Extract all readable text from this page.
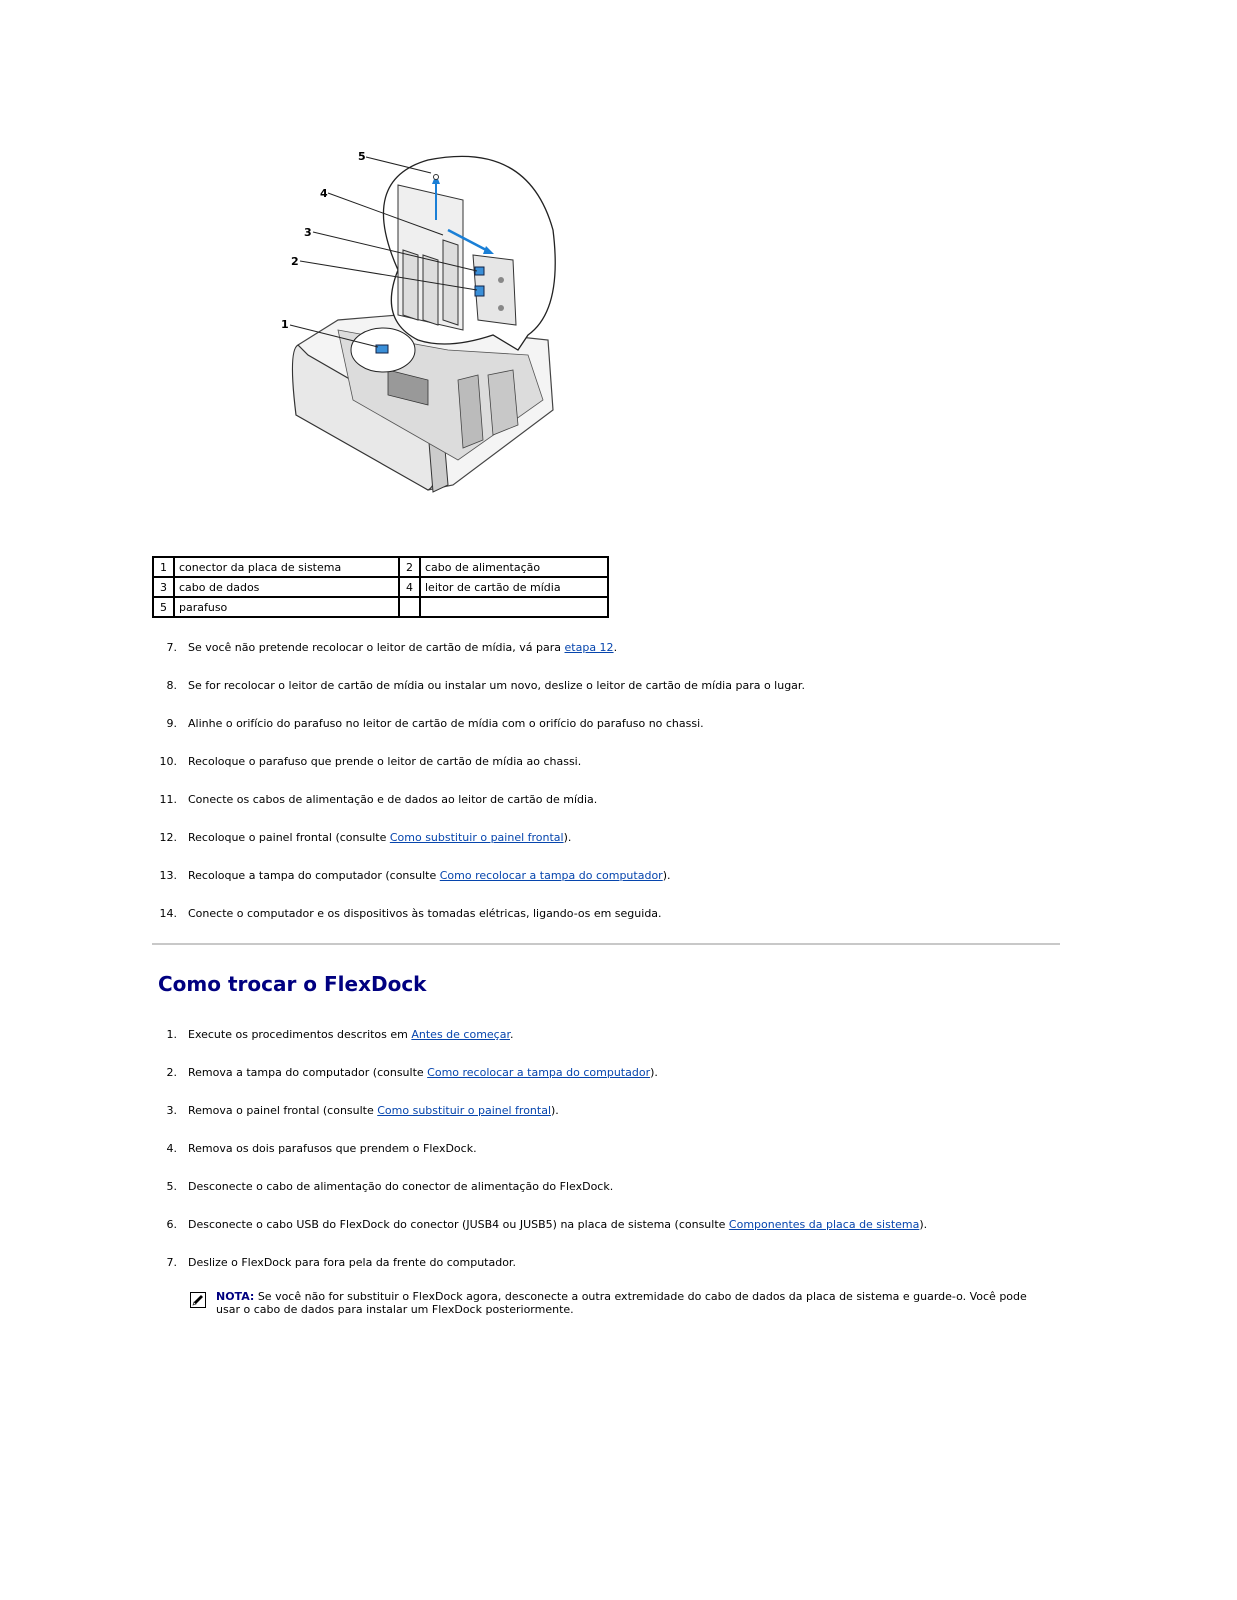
5
4
3
2
1
1	conector da placa de sistema	2	cabo de alimentação
3	cabo de dados	4	leitor de cartão de mídia
5	parafuso		
7. Se você não pretende recolocar o leitor de cartão de mídia, vá para etapa 12.
8. Se for recolocar o leitor de cartão de mídia ou instalar um novo, deslize o leitor de cartão de mídia para o lugar.
9. Alinhe o orifício do parafuso no leitor de cartão de mídia com o orifício do parafuso no chassi.
10. Recoloque o parafuso que prende o leitor de cartão de mídia ao chassi.
11. Conecte os cabos de alimentação e de dados ao leitor de cartão de mídia.
12. Recoloque o painel frontal (consulte Como substituir o painel frontal).
13. Recoloque a tampa do computador (consulte Como recolocar a tampa do computador).
14. Conecte o computador e os dispositivos às tomadas elétricas, ligando-os em seguida.
Como trocar o FlexDock
1. Execute os procedimentos descritos em Antes de começar.
2. Remova a tampa do computador (consulte Como recolocar a tampa do computador).
3. Remova o painel frontal (consulte Como substituir o painel frontal).
4. Remova os dois parafusos que prendem o FlexDock.
5. Desconecte o cabo de alimentação do conector de alimentação do FlexDock.
6. Desconecte o cabo USB do FlexDock do conector (JUSB4 ou JUSB5) na placa de sistema (consulte Componentes da placa de sistema).
7. Deslize o FlexDock para fora pela da frente do computador.
NOTA: Se você não for substituir o FlexDock agora, desconecte a outra extremidade do cabo de dados da placa de sistema e guarde-o. Você pode usar o cabo de dados para instalar um FlexDock posteriormente.
